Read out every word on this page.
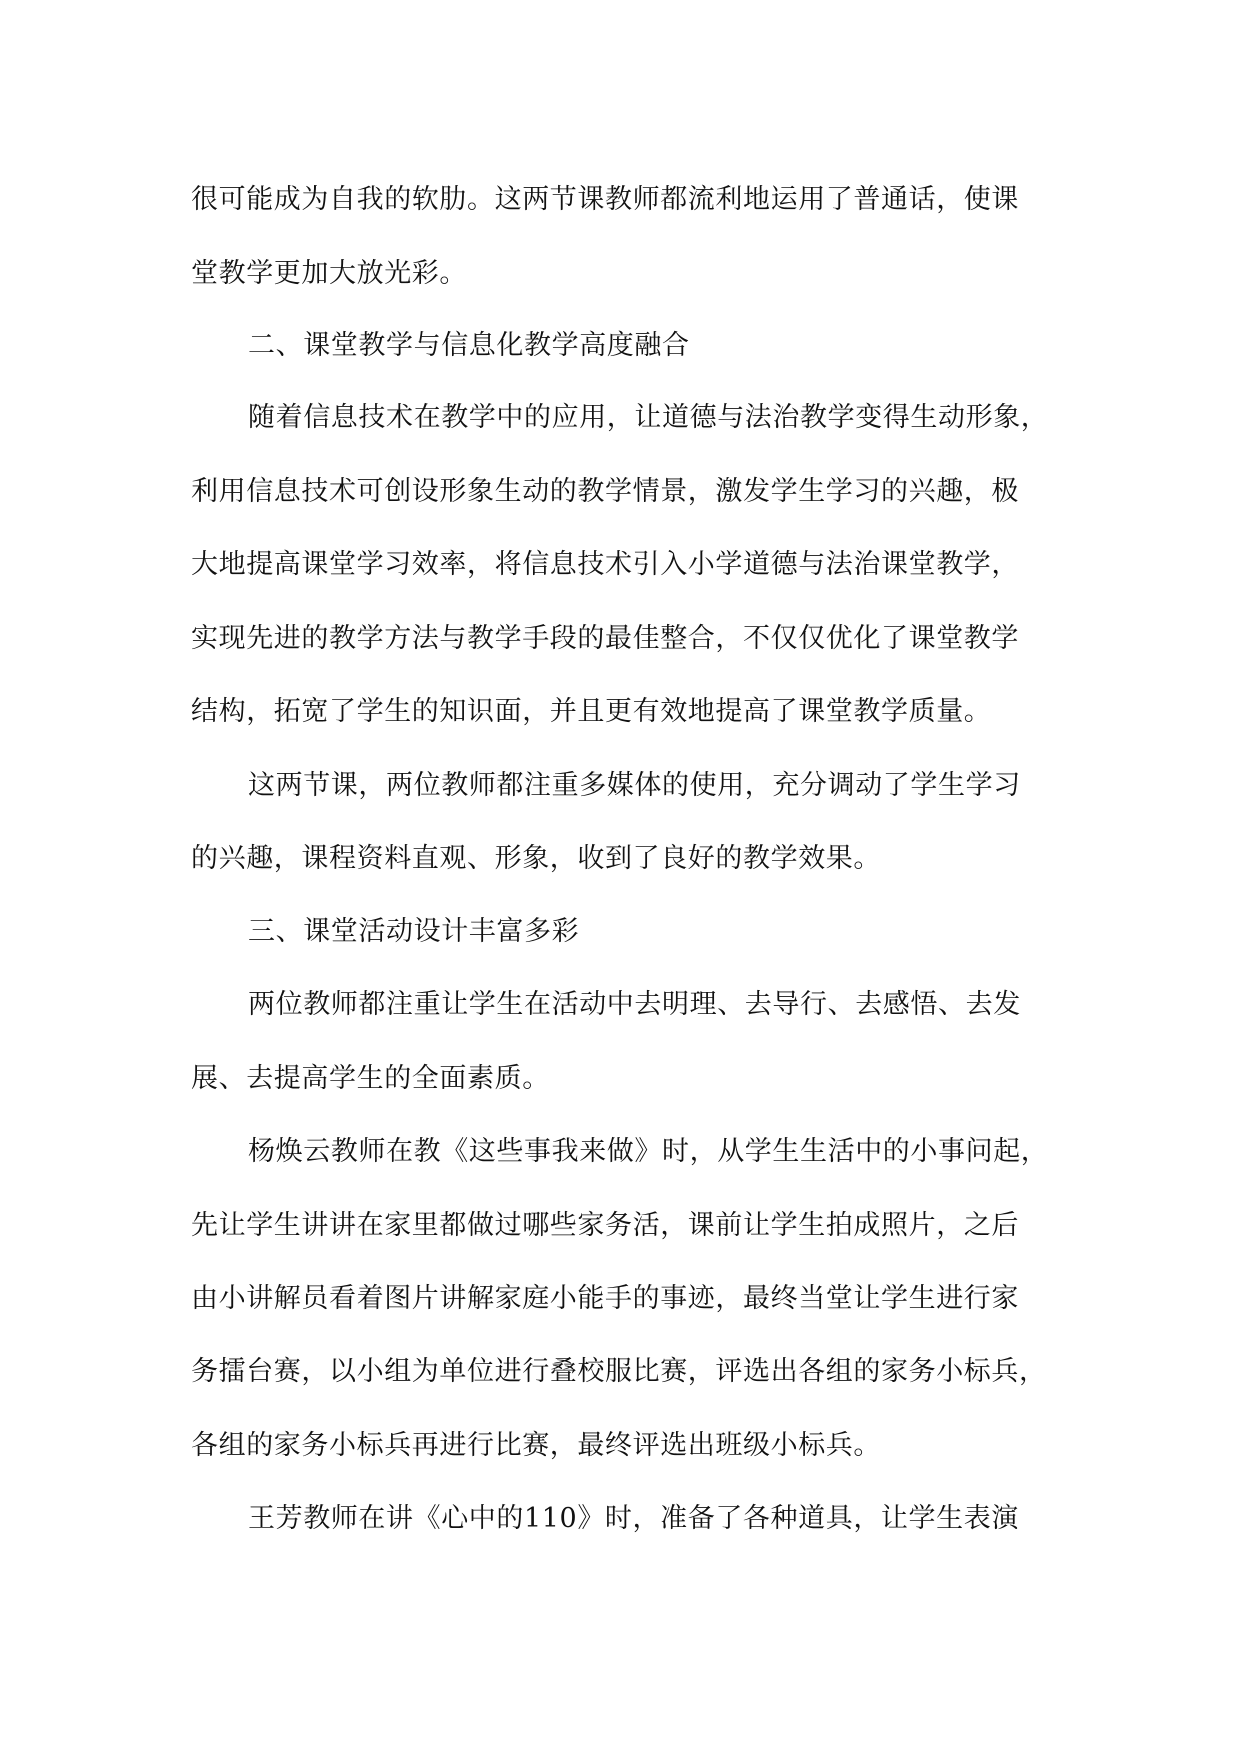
很可能成为自我的软肋。这两节课教师都流利地运用了普通话，使课

堂教学更加大放光彩。

二、课堂教学与信息化教学高度融合

随着信息技术在教学中的应用，让道德与法治教学变得生动形象，

利用信息技术可创设形象生动的教学情景，激发学生学习的兴趣，极

大地提高课堂学习效率，将信息技术引入小学道德与法治课堂教学，

实现先进的教学方法与教学手段的最佳整合，不仅仅优化了课堂教学

结构，拓宽了学生的知识面，并且更有效地提高了课堂教学质量。

这两节课，两位教师都注重多媒体的使用，充分调动了学生学习

的兴趣，课程资料直观、形象，收到了良好的教学效果。

三、课堂活动设计丰富多彩

两位教师都注重让学生在活动中去明理、去导行、去感悟、去发

展、去提高学生的全面素质。

杨焕云教师在教《这些事我来做》时，从学生生活中的小事问起，

先让学生讲讲在家里都做过哪些家务活，课前让学生拍成照片，之后

由小讲解员看着图片讲解家庭小能手的事迹，最终当堂让学生进行家

务擂台赛，以小组为单位进行叠校服比赛，评选出各组的家务小标兵，

各组的家务小标兵再进行比赛，最终评选出班级小标兵。

王芳教师在讲《心中的110》时，准备了各种道具，让学生表演
